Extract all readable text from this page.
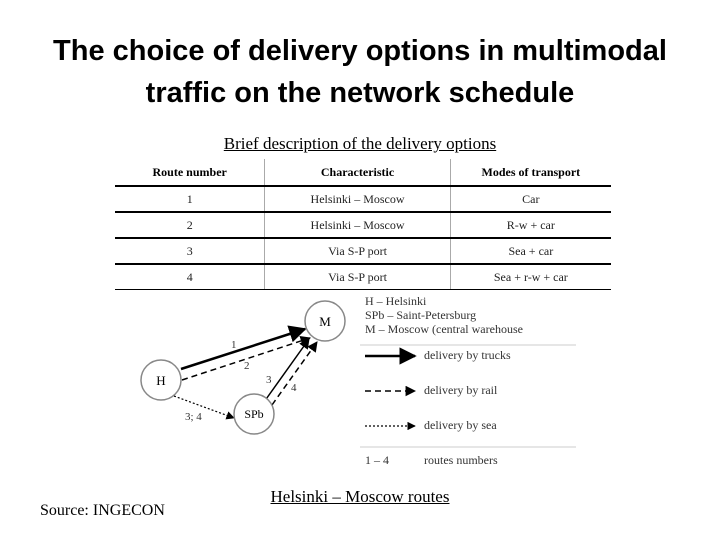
The choice of delivery options in multimodal traffic on the network schedule
Brief description of the delivery options
Route number	Characteristic	Modes of transport
1	Helsinki – Moscow	Car
2	Helsinki – Moscow	R-w + car
3	Via S-P port	Sea + car
4	Via S-P port	Sea + r-w + car
H
M
SPb
1
2
3
4
3; 4
H – Helsinki
SPb – Saint-Petersburg
M – Moscow (central warehouse
delivery by trucks
delivery by rail
delivery by sea
1 – 4	routes numbers
Helsinki – Moscow routes
Source: INGECON
